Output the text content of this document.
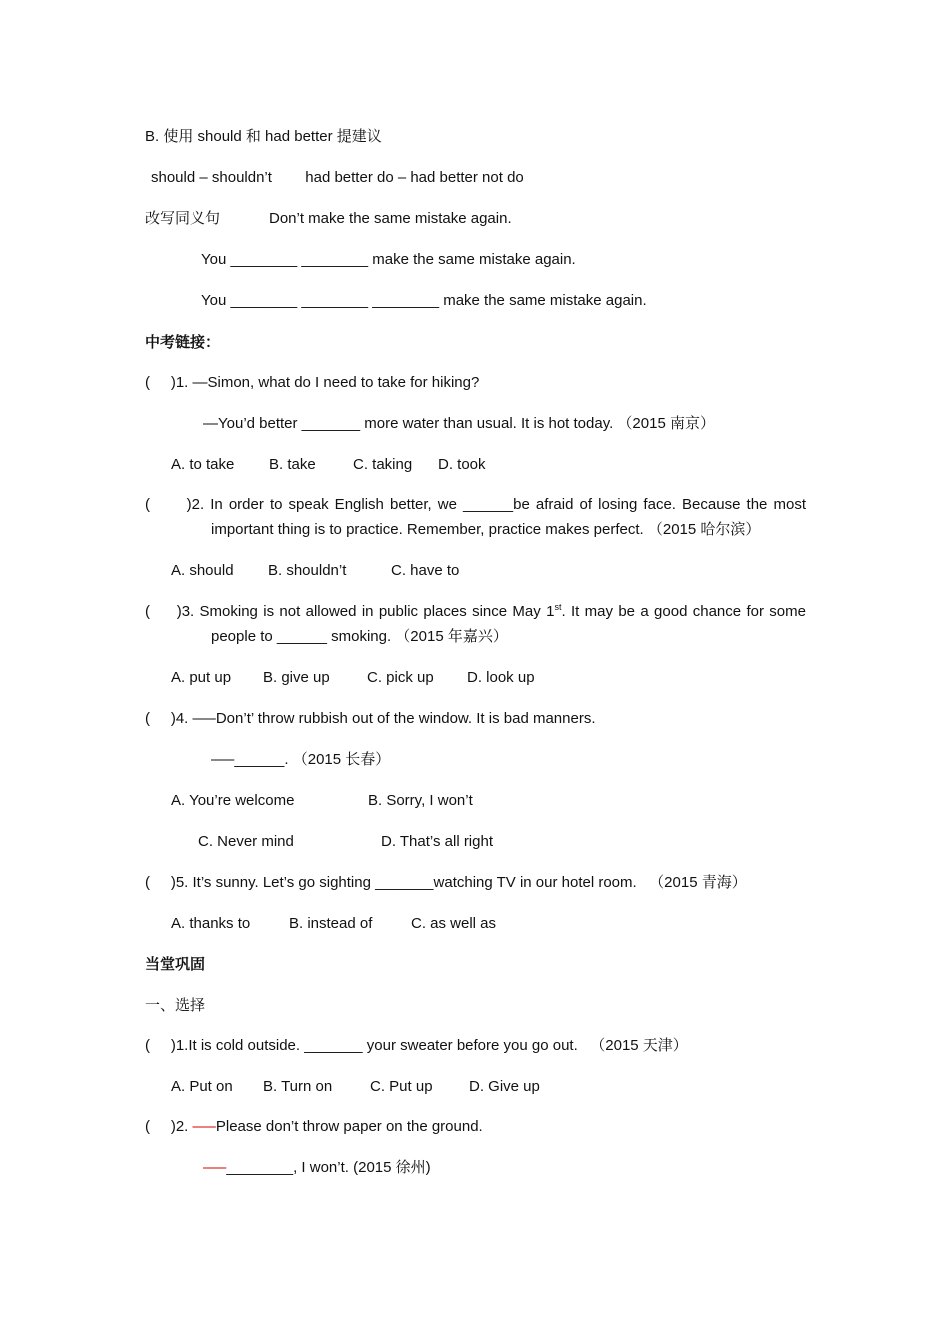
B. 使用 should 和 had better 提建议
should – shouldn’t        had better do – had better not do
改写同义句	Don’t make the same mistake again.
You ________ ________ make the same mistake again.
You ________ ________ ________ make the same mistake again.
中考链接：
(     )1. —Simon, what do I need to take for hiking?
—You’d better _______ more water than usual. It is hot today. （2015 南京）
A. to take B. take C. taking D. took
(      )2. In order to speak English better, we ______be afraid of losing face. Because the most
important thing is to practice. Remember, practice makes perfect. （2015 哈尔滨）
A. should B. shouldn’t	C. have to
(     )3. Smoking is not allowed in public places since May 1st. It may be a good chance for some
people to ______ smoking. （2015 年嘉兴）
A. put up B. give up C. pick up D. look up
(     )4. —–Don’t’ throw rubbish out of the window. It is bad manners.
—–______. （2015 长春）
A. You’re welcome	B. Sorry, I won’t
C. Never mind	D. That’s all right
(     )5. It’s sunny. Let’s go sighting _______watching TV in our hotel room.   （2015 青海）
A. thanks to	B. instead of	C. as well as
当堂巩固
一、选择
(     )1.It is cold outside. _______ your sweater before you go out.   （2015 天津）
A. Put on B. Turn on	C. Put up D. Give up
(     )2. —–Please don’t throw paper on the ground.
—–________, I won’t. (2015 徐州)
